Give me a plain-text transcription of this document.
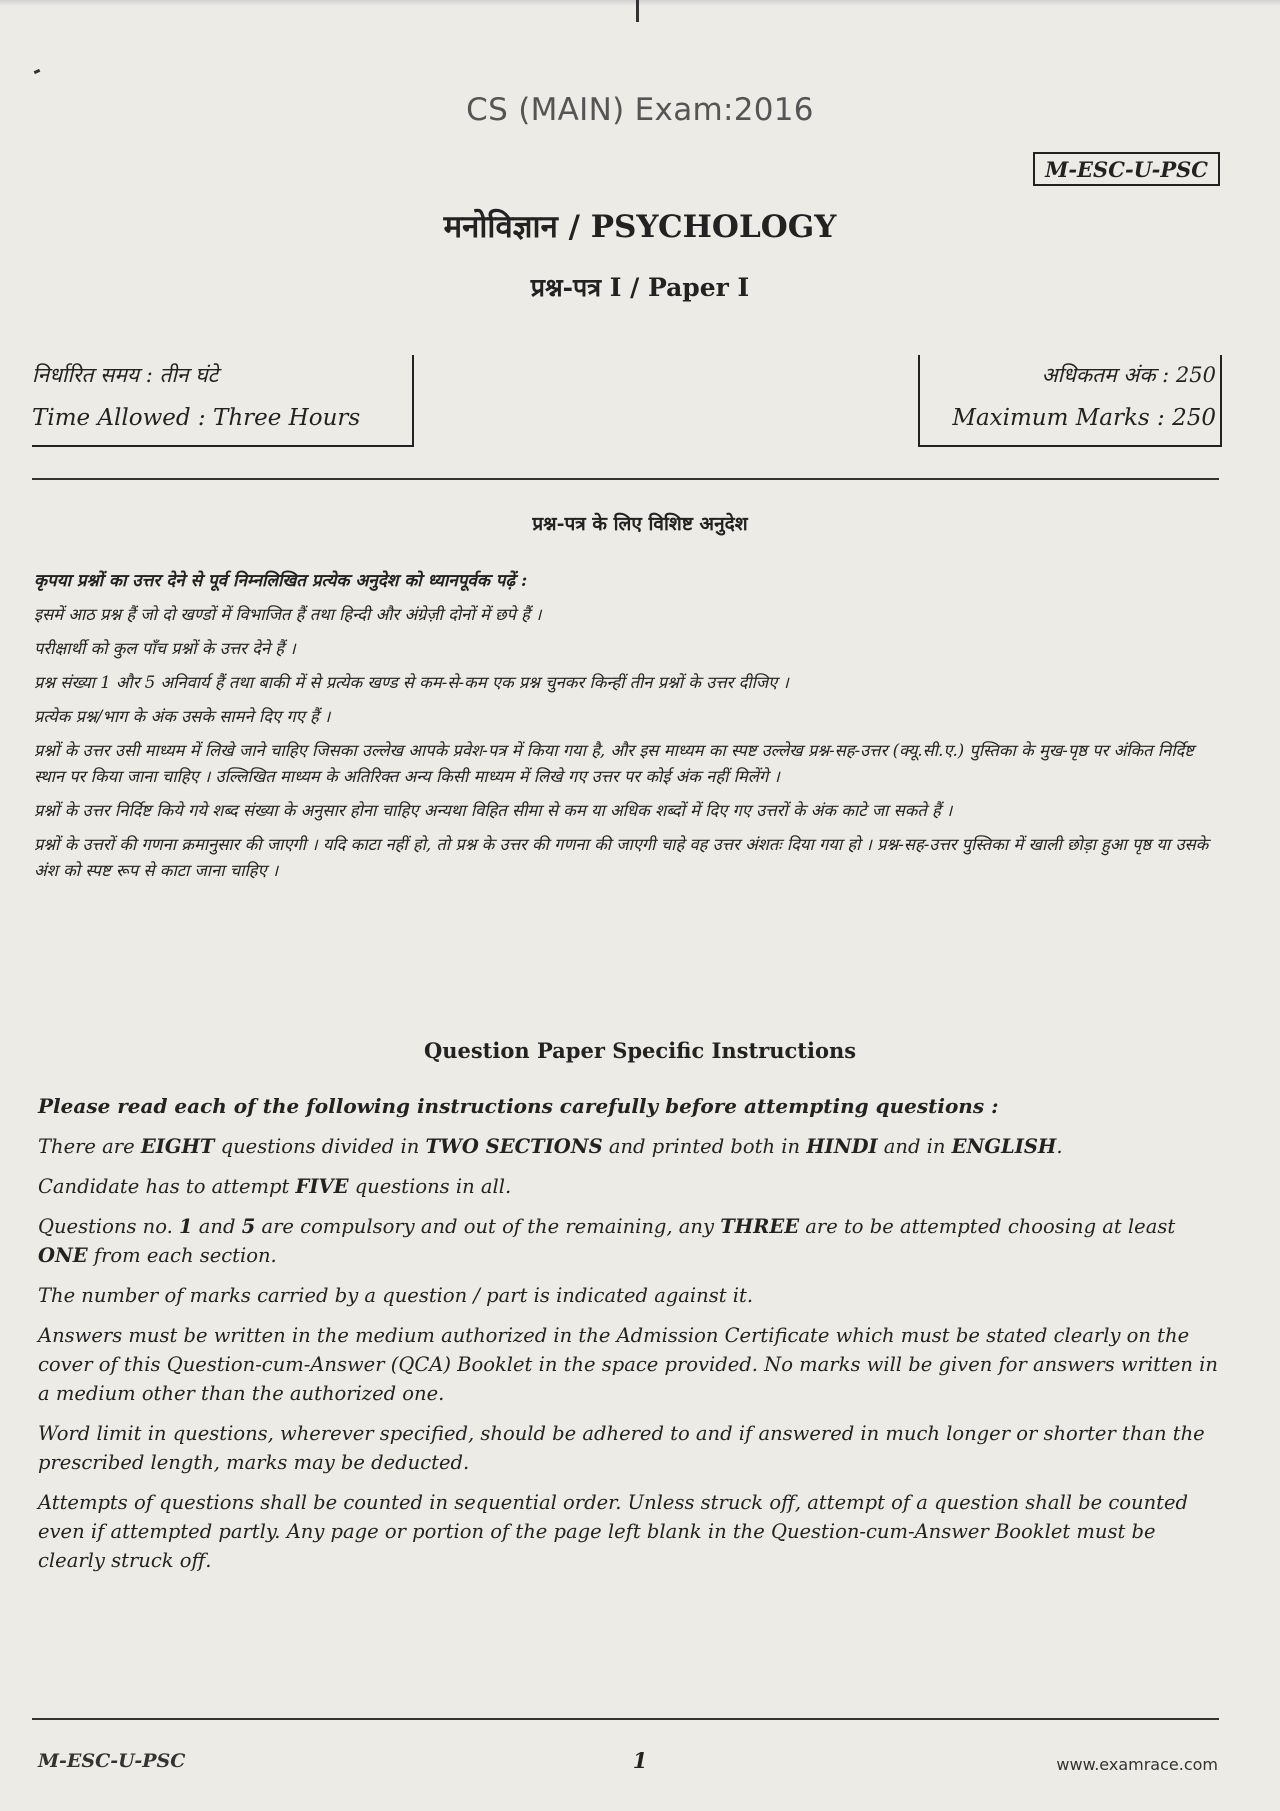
CS (MAIN) Exam:2016
M-ESC-U-PSC
मनोविज्ञान / PSYCHOLOGY
प्रश्न-पत्र I / Paper I
निर्धारित समय : तीन घंटे
Time Allowed : Three Hours
अधिकतम अंक : 250
Maximum Marks : 250
प्रश्न-पत्र के लिए विशिष्ट अनुदेश

कृपया प्रश्नों का उत्तर देने से पूर्व निम्नलिखित प्रत्येक अनुदेश को ध्यानपूर्वक पढ़ें :

इसमें आठ प्रश्न हैं जो दो खण्डों में विभाजित हैं तथा हिन्दी और अंग्रेज़ी दोनों में छपे हैं ।

परीक्षार्थी को कुल पाँच प्रश्नों के उत्तर देने हैं ।

प्रश्न संख्या 1 और 5 अनिवार्य हैं तथा बाकी में से प्रत्येक खण्ड से कम-से-कम एक प्रश्न चुनकर किन्हीं तीन प्रश्नों के उत्तर दीजिए ।

प्रत्येक प्रश्न/भाग के अंक उसके सामने दिए गए हैं ।

प्रश्नों के उत्तर उसी माध्यम में लिखे जाने चाहिए जिसका उल्लेख आपके प्रवेश-पत्र में किया गया है, और इस माध्यम का स्पष्ट उल्लेख प्रश्न-सह-उत्तर (क्यू.सी.ए.) पुस्तिका के मुख-पृष्ठ पर अंकित निर्दिष्ट स्थान पर किया जाना चाहिए । उल्लिखित माध्यम के अतिरिक्त अन्य किसी माध्यम में लिखे गए उत्तर पर कोई अंक नहीं मिलेंगे ।

प्रश्नों के उत्तर निर्दिष्ट किये गये शब्द संख्या के अनुसार होना चाहिए अन्यथा विहित सीमा से कम या अधिक शब्दों में दिए गए उत्तरों के अंक काटे जा सकते हैं ।

प्रश्नों के उत्तरों की गणना क्रमानुसार की जाएगी । यदि काटा नहीं हो, तो प्रश्न के उत्तर की गणना की जाएगी चाहे वह उत्तर अंशतः दिया गया हो । प्रश्न-सह-उत्तर पुस्तिका में खाली छोड़ा हुआ पृष्ठ या उसके अंश को स्पष्ट रूप से काटा जाना चाहिए ।

Question Paper Specific Instructions

Please read each of the following instructions carefully before attempting questions :

There are EIGHT questions divided in TWO SECTIONS and printed both in HINDI and in ENGLISH.

Candidate has to attempt FIVE questions in all.

Questions no. 1 and 5 are compulsory and out of the remaining, any THREE are to be attempted choosing at least ONE from each section.

The number of marks carried by a question / part is indicated against it.

Answers must be written in the medium authorized in the Admission Certificate which must be stated clearly on the cover of this Question-cum-Answer (QCA) Booklet in the space provided. No marks will be given for answers written in a medium other than the authorized one.

Word limit in questions, wherever specified, should be adhered to and if answered in much longer or shorter than the prescribed length, marks may be deducted.

Attempts of questions shall be counted in sequential order. Unless struck off, attempt of a question shall be counted even if attempted partly. Any page or portion of the page left blank in the Question-cum-Answer Booklet must be clearly struck off.

M-ESC-U-PSC	1	www.examrace.com
